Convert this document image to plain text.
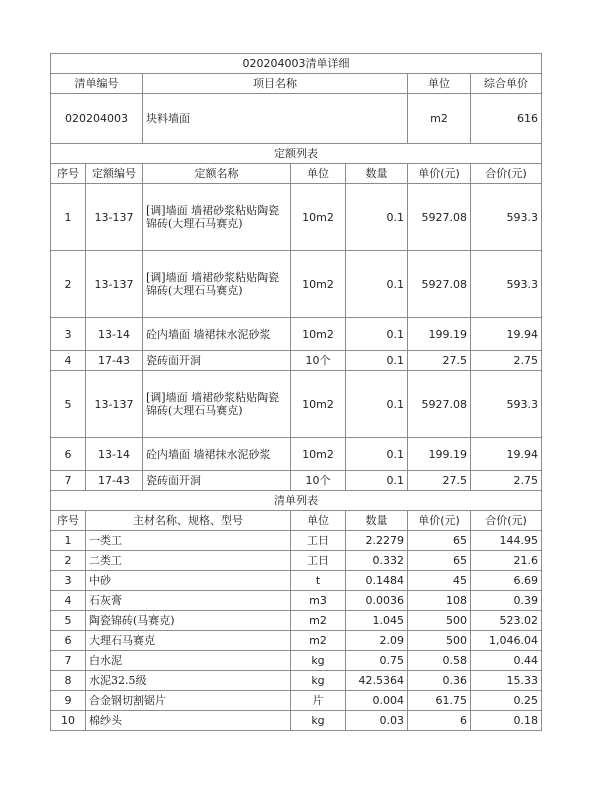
020204003清单详细			
清单编号	项目名称	单位	综合单价
020204003	块料墙面	m2	616
定额列表						
序号	定额编号	定额名称	单位	数量	单价(元)	合价(元)
1	13-137	[调]墙面 墙裙砂浆粘贴陶瓷锦砖(大理石马赛克)	10m2	0.1	5927.08	593.3
2	13-137	[调]墙面 墙裙砂浆粘贴陶瓷锦砖(大理石马赛克)	10m2	0.1	5927.08	593.3
3	13-14	砼内墙面 墙裙抹水泥砂浆	10m2	0.1	199.19	19.94
4	17-43	瓷砖面开洞	10个	0.1	27.5	2.75
5	13-137	[调]墙面 墙裙砂浆粘贴陶瓷锦砖(大理石马赛克)	10m2	0.1	5927.08	593.3
6	13-14	砼内墙面 墙裙抹水泥砂浆	10m2	0.1	199.19	19.94
7	17-43	瓷砖面开洞	10个	0.1	27.5	2.75
清单列表					
序号	主材名称、规格、型号	单位	数量	单价(元)	合价(元)
1	一类工	工日	2.2279	65	144.95
2	二类工	工日	0.332	65	21.6
3	中砂	t	0.1484	45	6.69
4	石灰膏	m3	0.0036	108	0.39
5	陶瓷锦砖(马赛克)	m2	1.045	500	523.02
6	大理石马赛克	m2	2.09	500	1,046.04
7	白水泥	kg	0.75	0.58	0.44
8	水泥32.5级	kg	42.5364	0.36	15.33
9	合金钢切割锯片	片	0.004	61.75	0.25
10	棉纱头	kg	0.03	6	0.18
